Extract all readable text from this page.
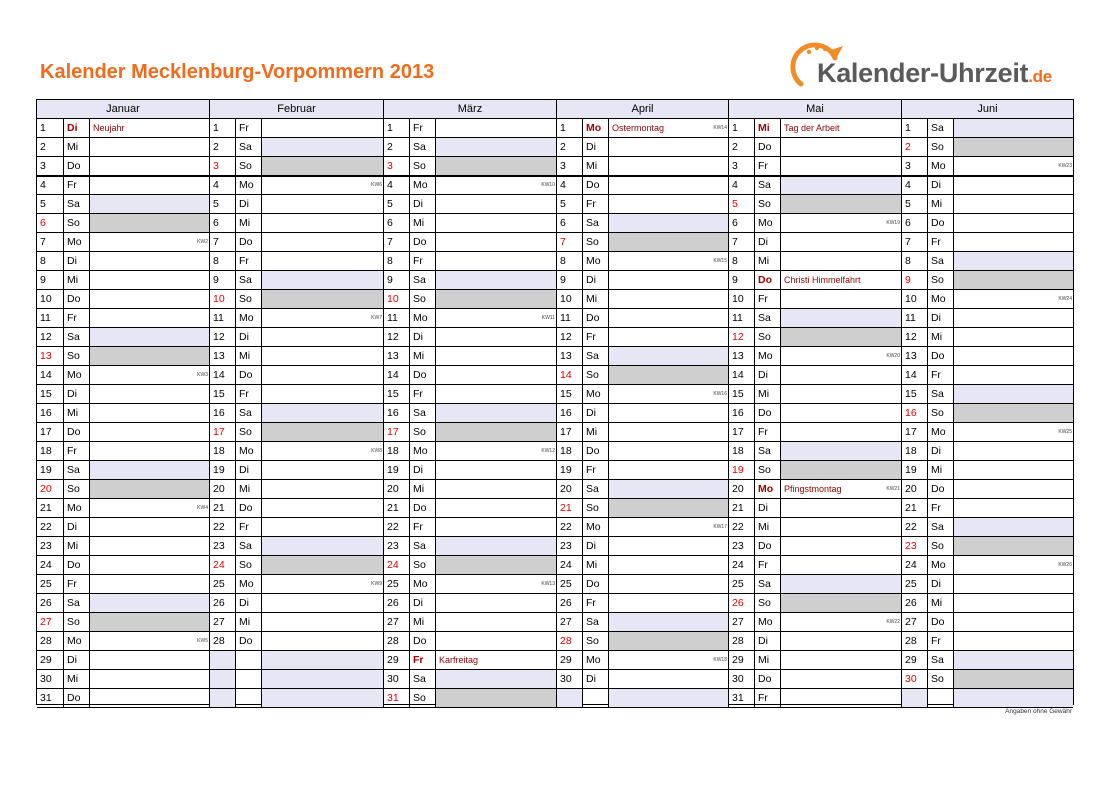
Kalender Mecklenburg-Vorpommern 2013	Kalender-Uhrzeit.de
Januar
1	Di	Neujahr
2	Mi
3	Do
4	Fr
5	Sa
6	So
7	Mo	KW2
8	Di
9	Mi
10	Do
11	Fr
12	Sa
13	So
14	Mo	KW3
15	Di
16	Mi
17	Do
18	Fr
19	Sa
20	So
21	Mo	KW4
22	Di
23	Mi
24	Do
25	Fr
26	Sa
27	So
28	Mo	KW5
29	Di
30	Mi
31	Do
Februar
1	Fr
2	Sa
3	So
4	Mo	KW6
5	Di
6	Mi
7	Do
8	Fr
9	Sa
10	So
11	Mo	KW7
12	Di
13	Mi
14	Do
15	Fr
16	Sa
17	So
18	Mo	KW8
19	Di
20	Mi
21	Do
22	Fr
23	Sa
24	So
25	Mo	KW9
26	Di
27	Mi
28	Do
März
1	Fr
2	Sa
3	So
4	Mo	KW10
5	Di
6	Mi
7	Do
8	Fr
9	Sa
10	So
11	Mo	KW11
12	Di
13	Mi
14	Do
15	Fr
16	Sa
17	So
18	Mo	KW12
19	Di
20	Mi
21	Do
22	Fr
23	Sa
24	So
25	Mo	KW13
26	Di
27	Mi
28	Do
29	Fr	Karfreitag
30	Sa
31	So
April
1	Mo	Ostermontag	KW14
2	Di
3	Mi
4	Do
5	Fr
6	Sa
7	So
8	Mo	KW15
9	Di
10	Mi
11	Do
12	Fr
13	Sa
14	So
15	Mo	KW16
16	Di
17	Mi
18	Do
19	Fr
20	Sa
21	So
22	Mo	KW17
23	Di
24	Mi
25	Do
26	Fr
27	Sa
28	So
29	Mo	KW18
30	Di
Mai
1	Mi	Tag der Arbeit
2	Do
3	Fr
4	Sa
5	So
6	Mo	KW19
7	Di
8	Mi
9	Do	Christi Himmelfahrt
10	Fr
11	Sa
12	So
13	Mo	KW20
14	Di
15	Mi
16	Do
17	Fr
18	Sa
19	So
20	Mo	Pfingstmontag	KW21
21	Di
22	Mi
23	Do
24	Fr
25	Sa
26	So
27	Mo	KW22
28	Di
29	Mi
30	Do
31	Fr
Juni
1	Sa
2	So
3	Mo	KW23
4	Di
5	Mi
6	Do
7	Fr
8	Sa
9	So
10	Mo	KW24
11	Di
12	Mi
13	Do
14	Fr
15	Sa
16	So
17	Mo	KW25
18	Di
19	Mi
20	Do
21	Fr
22	Sa
23	So
24	Mo	KW26
25	Di
26	Mi
27	Do
28	Fr
29	Sa
30	So
Angaben ohne Gewähr
